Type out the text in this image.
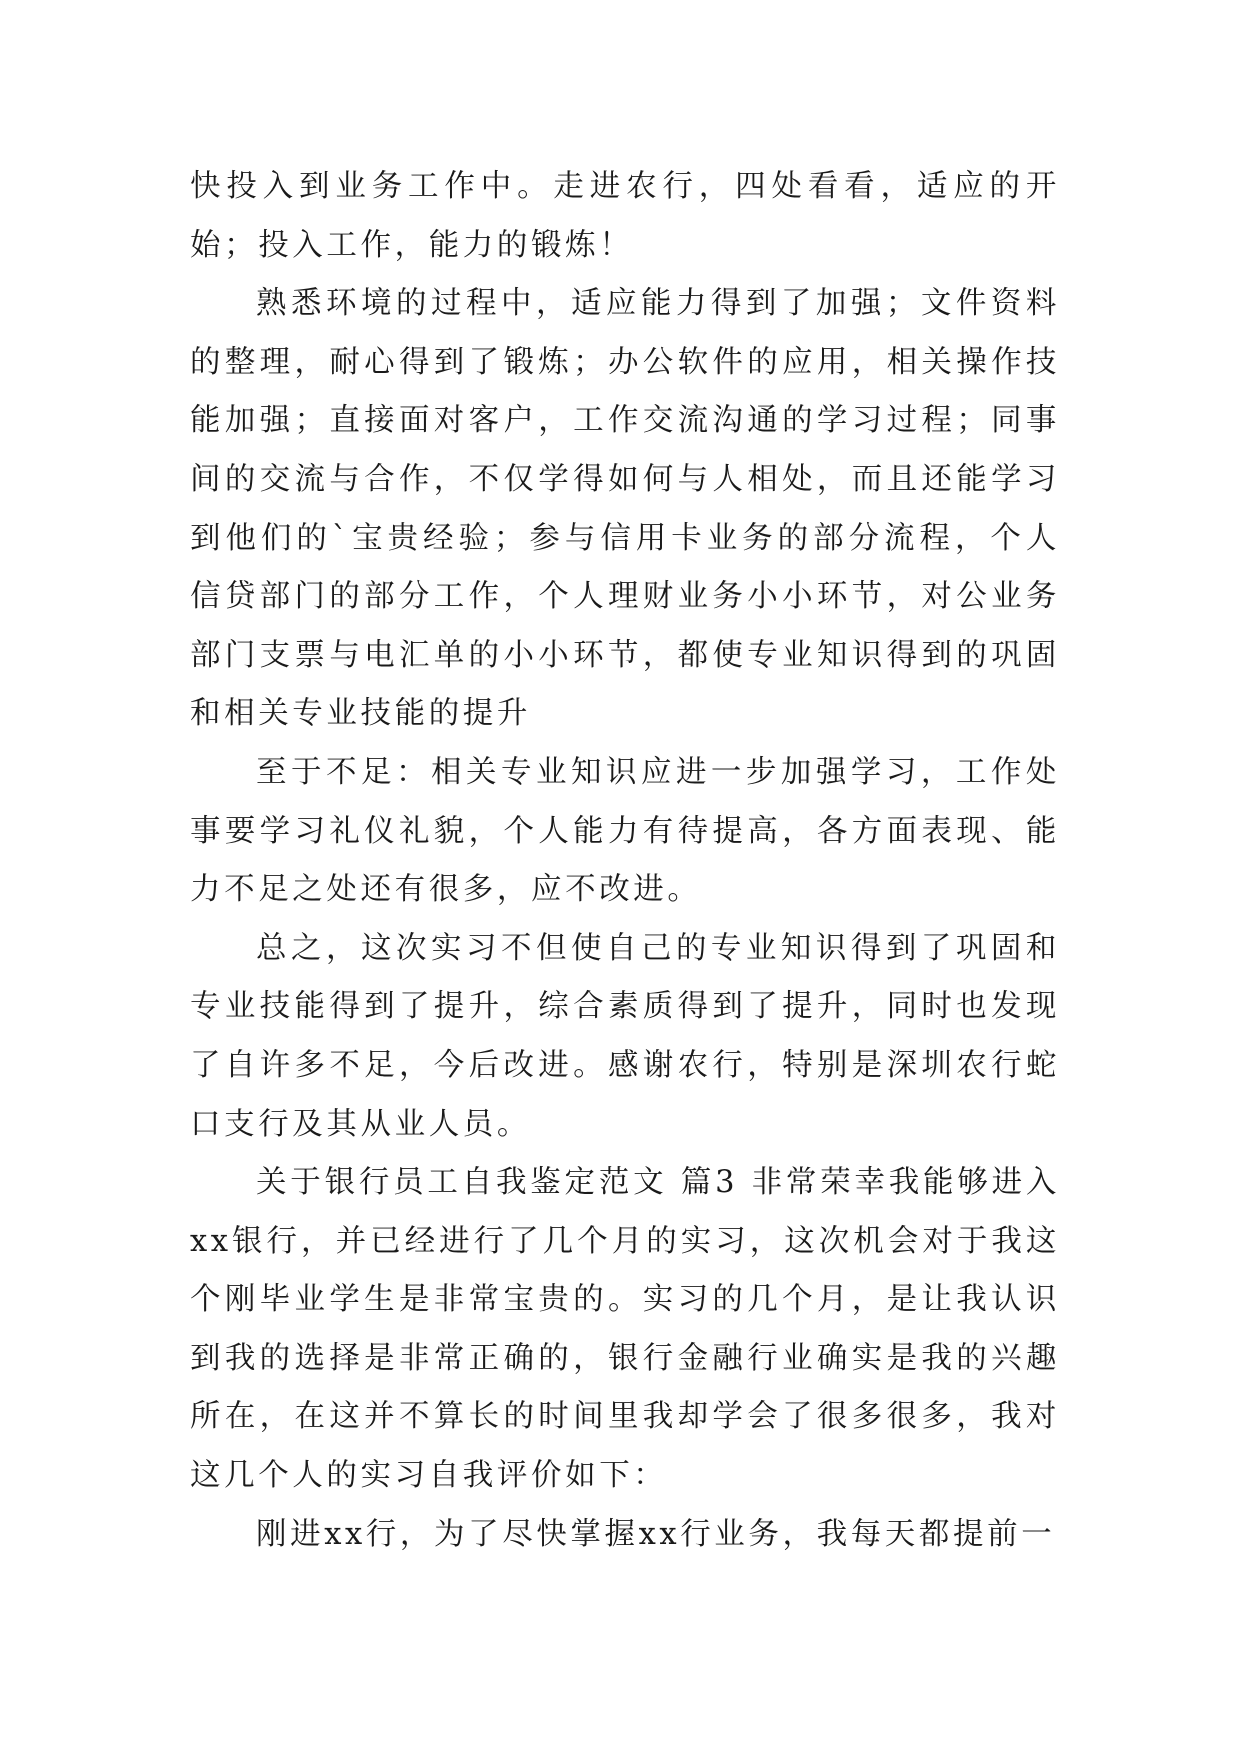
快投入到业务工作中。走进农行，四处看看，适应的开始；投入工作，能力的锻炼！

熟悉环境的过程中，适应能力得到了加强；文件资料的整理，耐心得到了锻炼；办公软件的应用，相关操作技能加强；直接面对客户，工作交流沟通的学习过程；同事间的交流与合作，不仅学得如何与人相处，而且还能学习到他们的`宝贵经验；参与信用卡业务的部分流程，个人信贷部门的部分工作，个人理财业务小小环节，对公业务部门支票与电汇单的小小环节，都使专业知识得到的巩固和相关专业技能的提升

至于不足：相关专业知识应进一步加强学习，工作处事要学习礼仪礼貌，个人能力有待提高，各方面表现、能力不足之处还有很多，应不改进。

总之，这次实习不但使自己的专业知识得到了巩固和专业技能得到了提升，综合素质得到了提升，同时也发现了自许多不足，今后改进。感谢农行，特别是深圳农行蛇口支行及其从业人员。

关于银行员工自我鉴定范文 篇3 非常荣幸我能够进入xx银行，并已经进行了几个月的实习，这次机会对于我这个刚毕业学生是非常宝贵的。实习的几个月，是让我认识到我的选择是非常正确的，银行金融行业确实是我的兴趣所在，在这并不算长的时间里我却学会了很多很多，我对这几个人的实习自我评价如下：

刚进xx行，为了尽快掌握xx行业务，我每天都提前一
